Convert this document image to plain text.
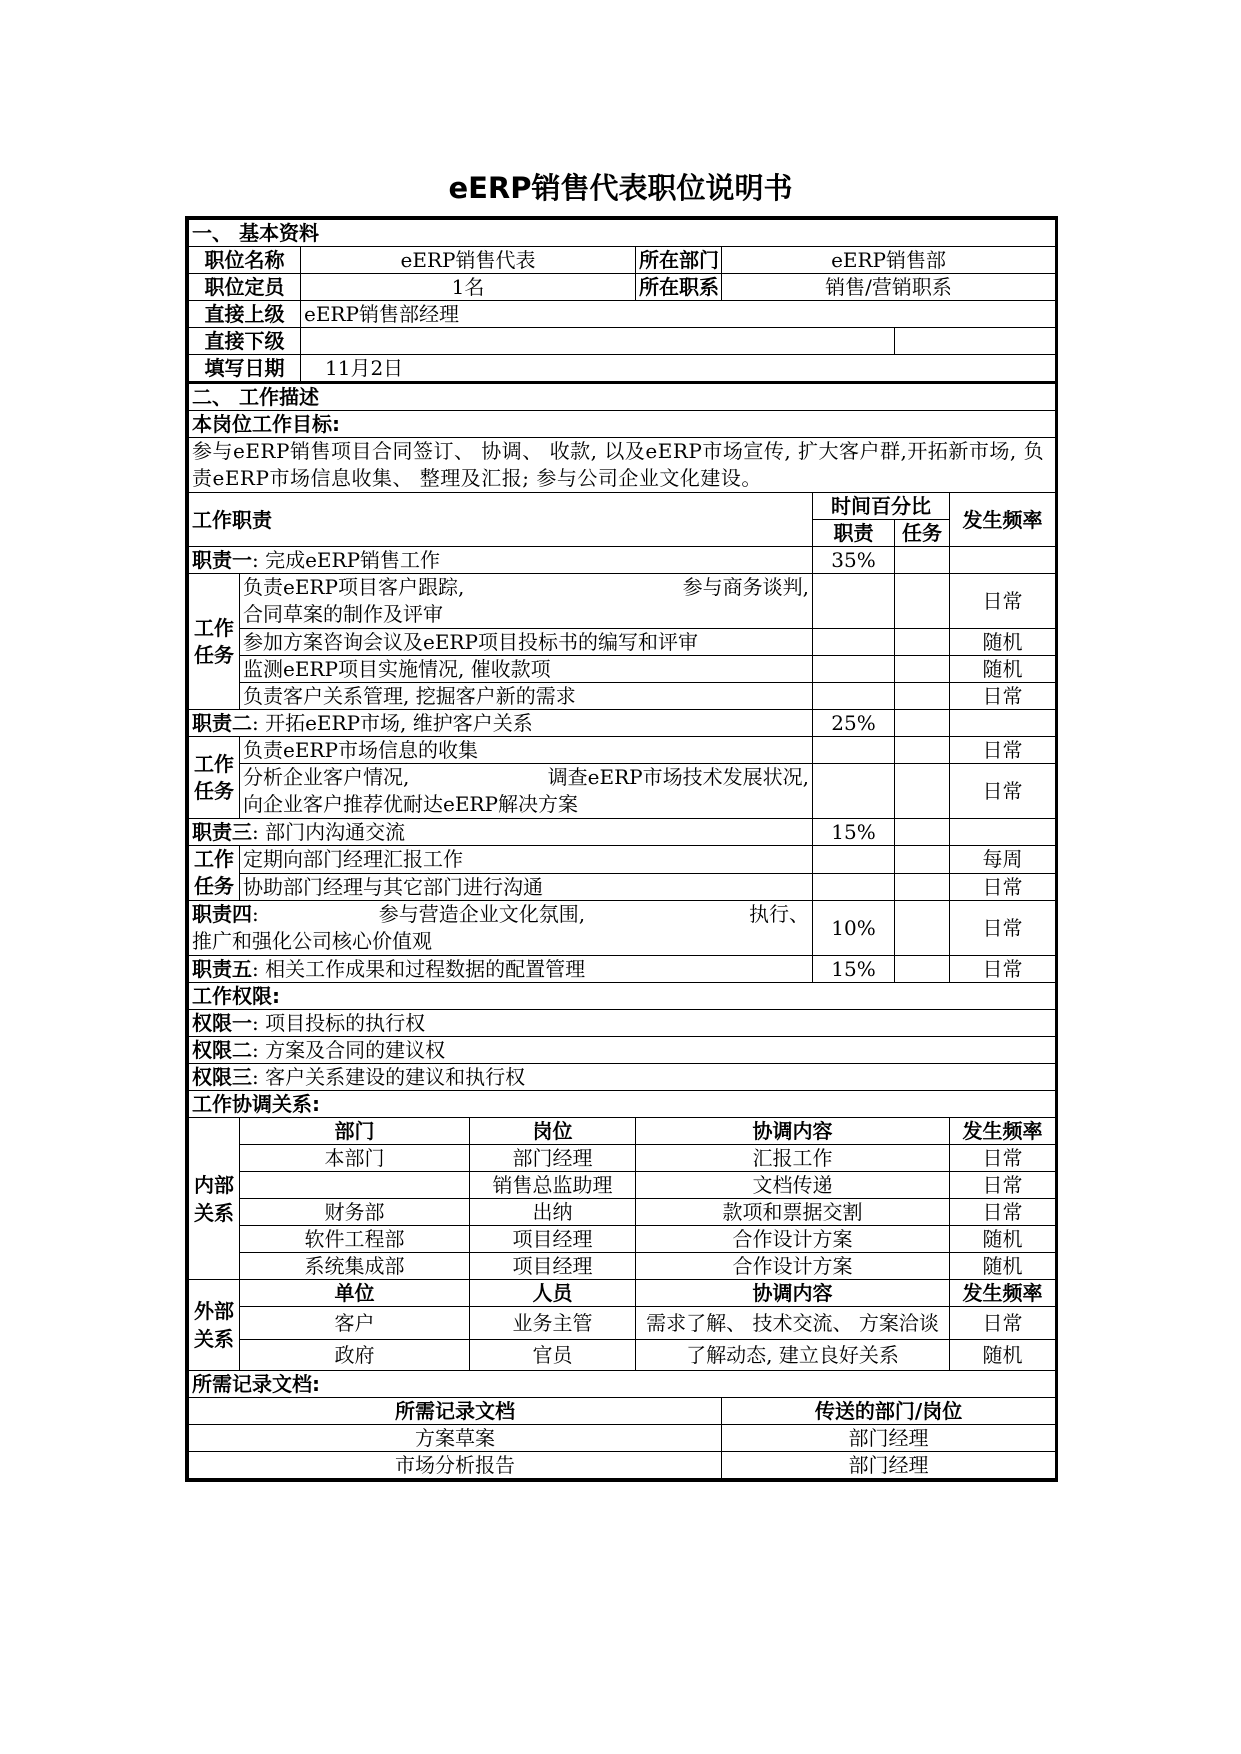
eERP销售代表职位说明书
一、 基本资料								
职位名称		eERP销售代表		所在部门	eERP销售部			
职位定员		1名		所在职系	销售/营销职系			
直接上级		eERP销售部经理						
直接下级								
填写日期		11月2日						
二、 工作描述								
本岗位工作目标:								
参与eERP销售项目合同签订、 协调、 收款, 以及eERP市场宣传, 扩大客户群,开拓新市场, 负责eERP市场信息收集、 整理及汇报; 参与公司企业文化建设。								
工作职责						时间百分比		发生频率
						职责	任务	
职责一: 完成eERP销售工作						35%		
工作任务	负责eERP项目客户跟踪, 参与商务谈判,

合同草案的制作及评审							日常
	参加方案咨询会议及eERP项目投标书的编写和评审							随机
	监测eERP项目实施情况, 催收款项							随机
	负责客户关系管理, 挖掘客户新的需求							日常
职责二: 开拓eERP市场, 维护客户关系						25%		
工作任务	负责eERP市场信息的收集							日常
	分析企业客户情况, 调查eERP市场技术发展状况,

向企业客户推荐优耐达eERP解决方案							日常
职责三: 部门内沟通交流						15%		
工作任务	定期向部门经理汇报工作							每周
	协助部门经理与其它部门进行沟通							日常
职责四: 参与营造企业文化氛围, 执行、

推广和强化公司核心价值观						10%		日常
职责五: 相关工作成果和过程数据的配置管理						15%		日常
工作权限:								
权限一: 项目投标的执行权								
权限二: 方案及合同的建议权								
权限三: 客户关系建设的建议和执行权								
工作协调关系:								
内部关系	部门		岗位	协调内容				发生频率
	本部门		部门经理	汇报工作				日常
			销售总监助理	文档传递				日常
	财务部		出纳	款项和票据交割				日常
	软件工程部		项目经理	合作设计方案				随机
	系统集成部		项目经理	合作设计方案				随机
外部关系	单位		人员	协调内容				发生频率
	客户		业务主管	需求了解、 技术交流、 方案洽谈				日常
	政府		官员	了解动态, 建立良好关系				随机
所需记录文档:								
所需记录文档					传送的部门/岗位			
方案草案					部门经理			
市场分析报告					部门经理			
